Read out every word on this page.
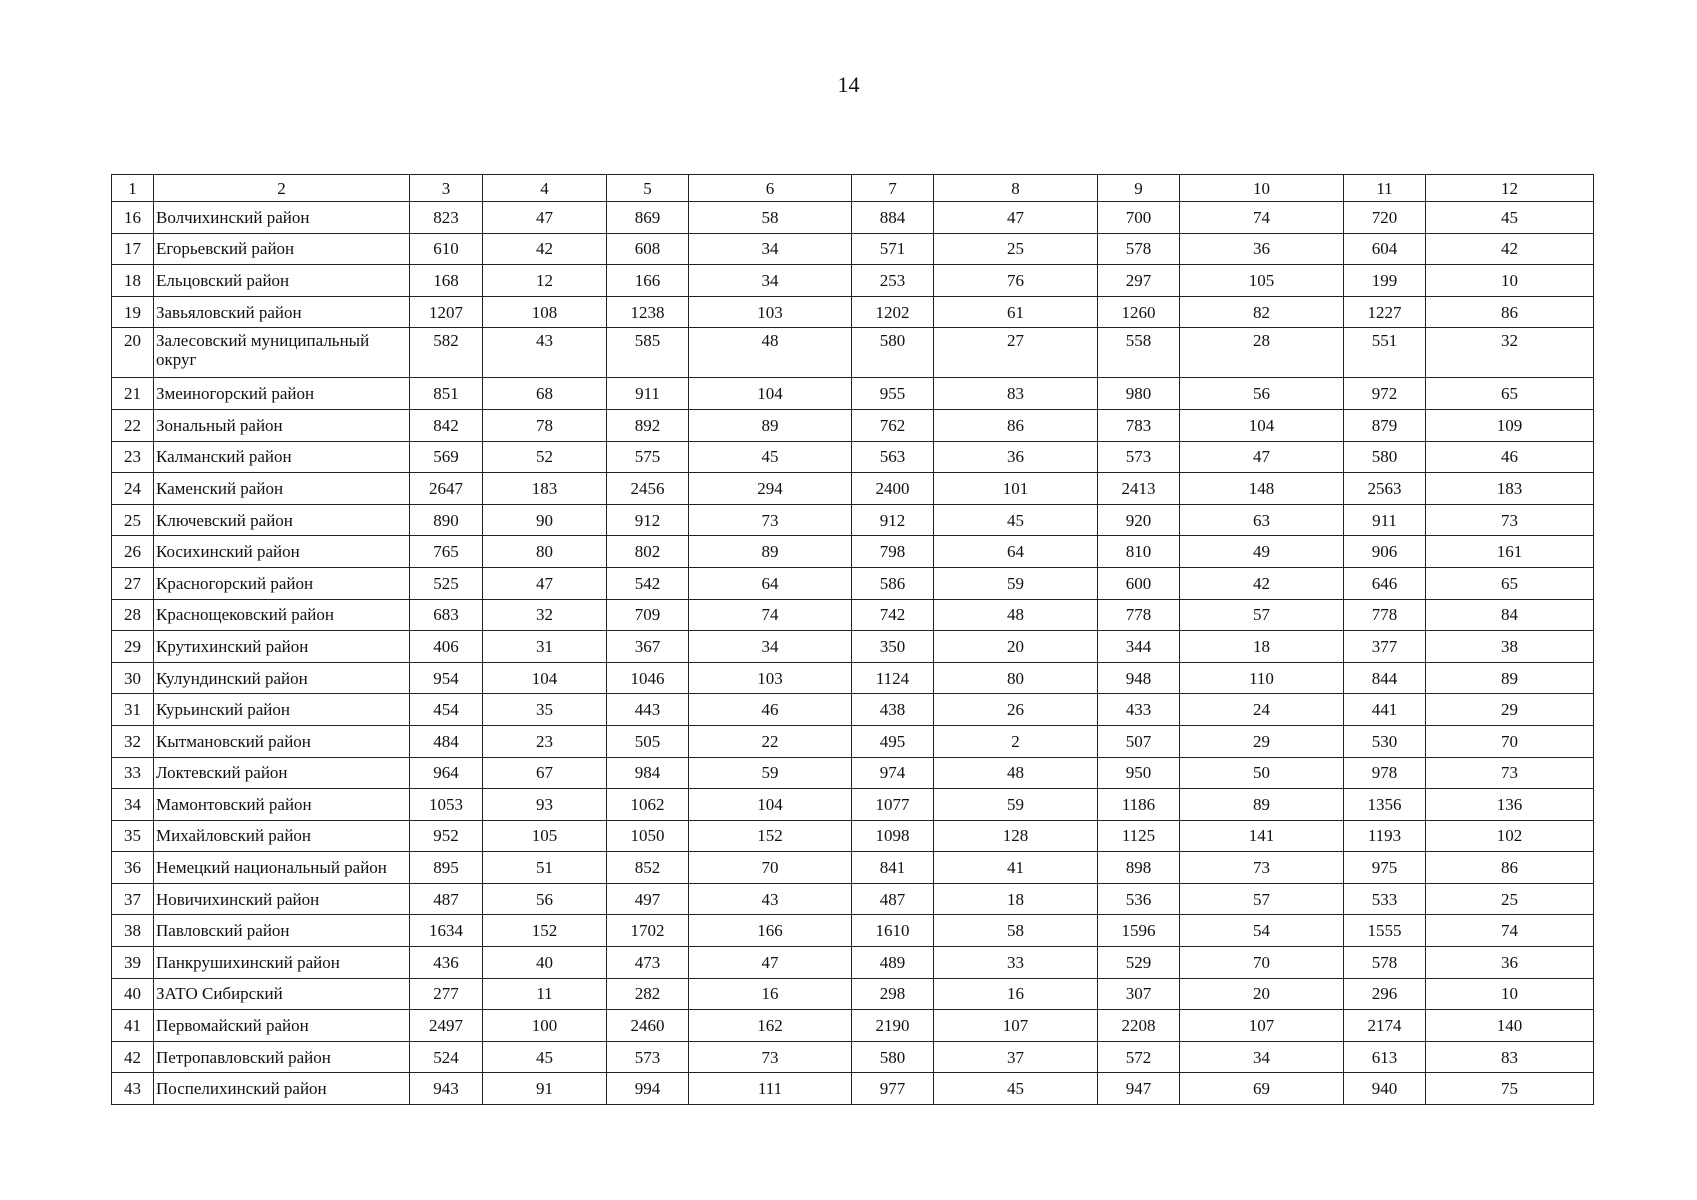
14
1	2	3	4	5	6	7	8	9	10	11	12
16	Волчихинский район	823	47	869	58	884	47	700	74	720	45
17	Егорьевский район	610	42	608	34	571	25	578	36	604	42
18	Ельцовский район	168	12	166	34	253	76	297	105	199	10
19	Завьяловский район	1207	108	1238	103	1202	61	1260	82	1227	86
20	Залесовский муниципальный округ	582	43	585	48	580	27	558	28	551	32
21	Змеиногорский район	851	68	911	104	955	83	980	56	972	65
22	Зональный район	842	78	892	89	762	86	783	104	879	109
23	Калманский район	569	52	575	45	563	36	573	47	580	46
24	Каменский район	2647	183	2456	294	2400	101	2413	148	2563	183
25	Ключевский район	890	90	912	73	912	45	920	63	911	73
26	Косихинский район	765	80	802	89	798	64	810	49	906	161
27	Красногорский район	525	47	542	64	586	59	600	42	646	65
28	Краснощековский район	683	32	709	74	742	48	778	57	778	84
29	Крутихинский район	406	31	367	34	350	20	344	18	377	38
30	Кулундинский район	954	104	1046	103	1124	80	948	110	844	89
31	Курьинский район	454	35	443	46	438	26	433	24	441	29
32	Кытмановский район	484	23	505	22	495	2	507	29	530	70
33	Локтевский район	964	67	984	59	974	48	950	50	978	73
34	Мамонтовский район	1053	93	1062	104	1077	59	1186	89	1356	136
35	Михайловский район	952	105	1050	152	1098	128	1125	141	1193	102
36	Немецкий национальный район	895	51	852	70	841	41	898	73	975	86
37	Новичихинский район	487	56	497	43	487	18	536	57	533	25
38	Павловский район	1634	152	1702	166	1610	58	1596	54	1555	74
39	Панкрушихинский район	436	40	473	47	489	33	529	70	578	36
40	ЗАТО Сибирский	277	11	282	16	298	16	307	20	296	10
41	Первомайский район	2497	100	2460	162	2190	107	2208	107	2174	140
42	Петропавловский район	524	45	573	73	580	37	572	34	613	83
43	Поспелихинский район	943	91	994	111	977	45	947	69	940	75
